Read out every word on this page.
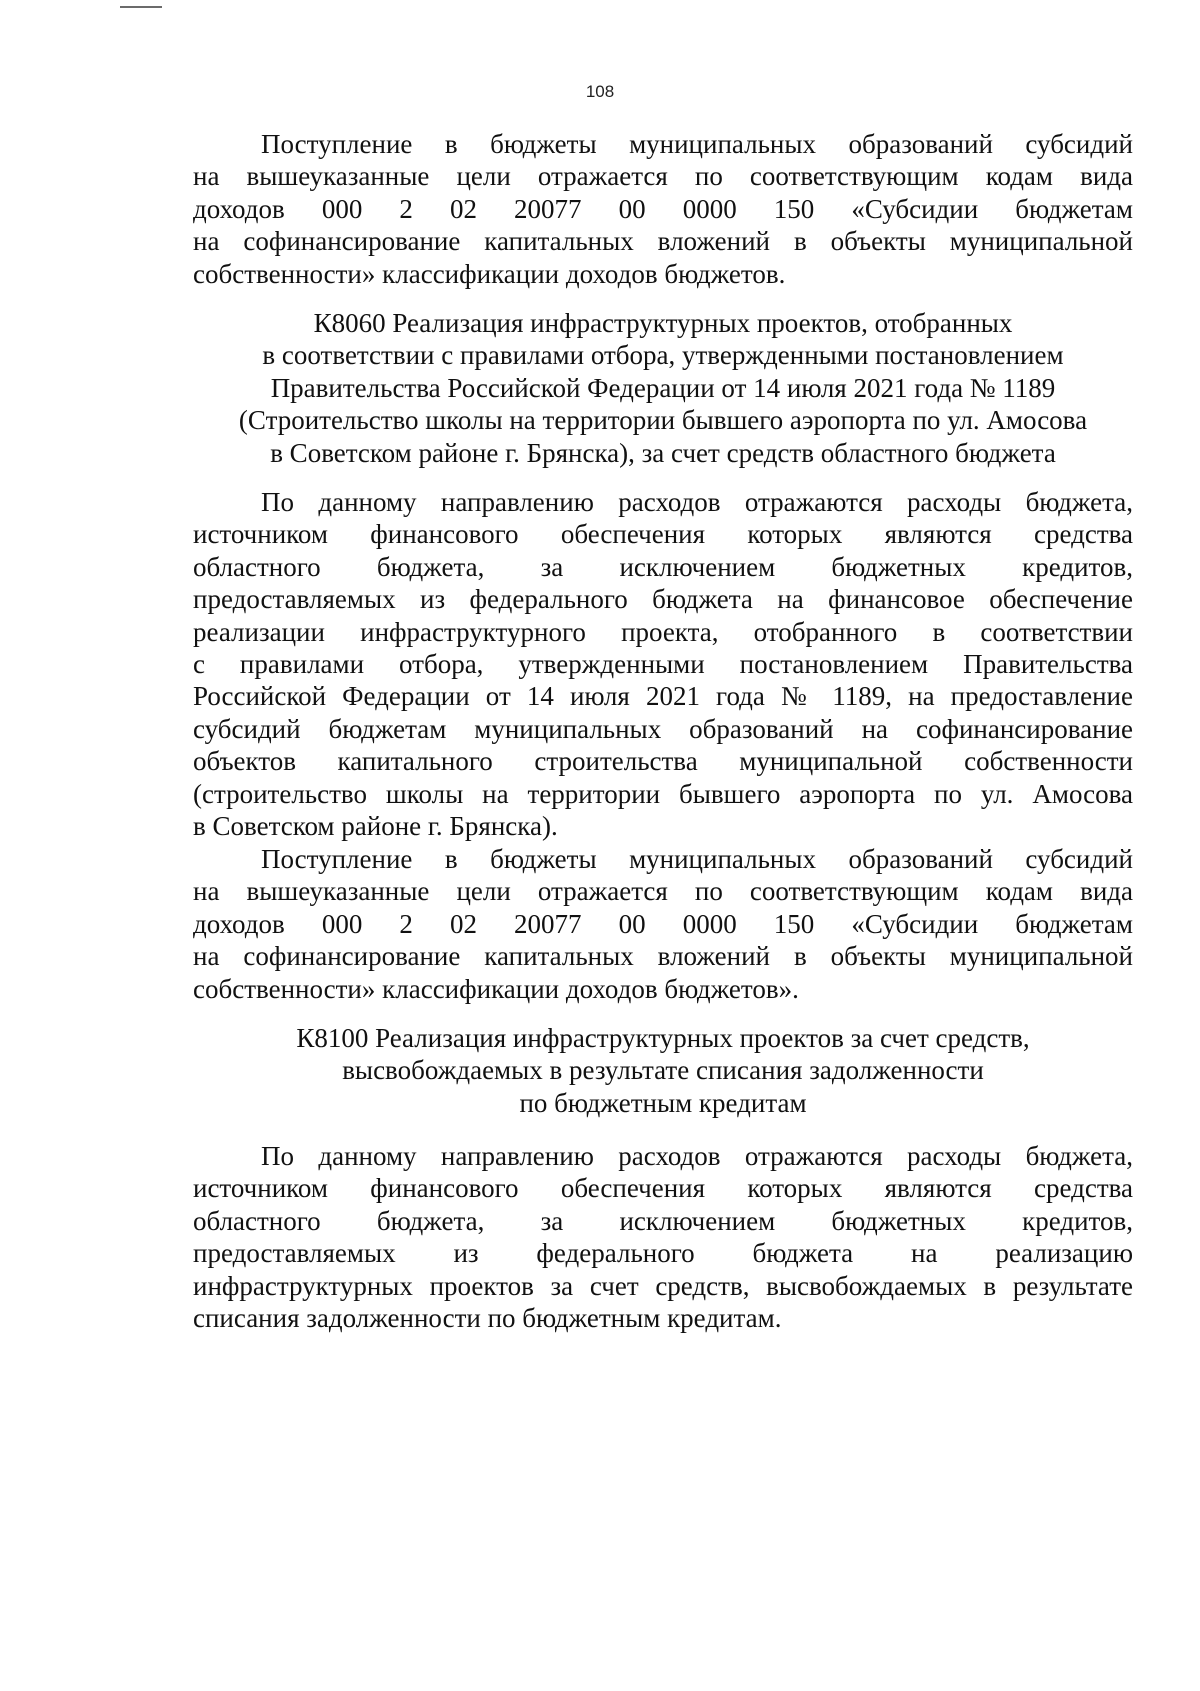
108
Поступление в бюджеты муниципальных образований субсидий
на вышеуказанные цели отражается по соответствующим кодам вида
доходов 000 2 02 20077 00 0000 150 «Субсидии бюджетам
на софинансирование капитальных вложений в объекты муниципальной
собственности» классификации доходов бюджетов.
К8060 Реализация инфраструктурных проектов, отобранных
в соответствии с правилами отбора, утвержденными постановлением
Правительства Российской Федерации от 14 июля 2021 года № 1189
(Строительство школы на территории бывшего аэропорта по ул. Амосова
в Советском районе г. Брянска), за счет средств областного бюджета
По данному направлению расходов отражаются расходы бюджета,
источником финансового обеспечения которых являются средства
областного бюджета, за исключением бюджетных кредитов,
предоставляемых из федерального бюджета на финансовое обеспечение
реализации инфраструктурного проекта, отобранного в соответствии
с правилами отбора, утвержденными постановлением Правительства
Российской Федерации от 14 июля 2021 года № 1189, на предоставление
субсидий бюджетам муниципальных образований на софинансирование
объектов капитального строительства муниципальной собственности
(строительство школы на территории бывшего аэропорта по ул. Амосова
в Советском районе г. Брянска).
Поступление в бюджеты муниципальных образований субсидий
на вышеуказанные цели отражается по соответствующим кодам вида
доходов 000 2 02 20077 00 0000 150 «Субсидии бюджетам
на софинансирование капитальных вложений в объекты муниципальной
собственности» классификации доходов бюджетов».
К8100 Реализация инфраструктурных проектов за счет средств,
высвобождаемых в результате списания задолженности
по бюджетным кредитам
По данному направлению расходов отражаются расходы бюджета,
источником финансового обеспечения которых являются средства
областного бюджета, за исключением бюджетных кредитов,
предоставляемых из федерального бюджета на реализацию
инфраструктурных проектов за счет средств, высвобождаемых в результате
списания задолженности по бюджетным кредитам.
